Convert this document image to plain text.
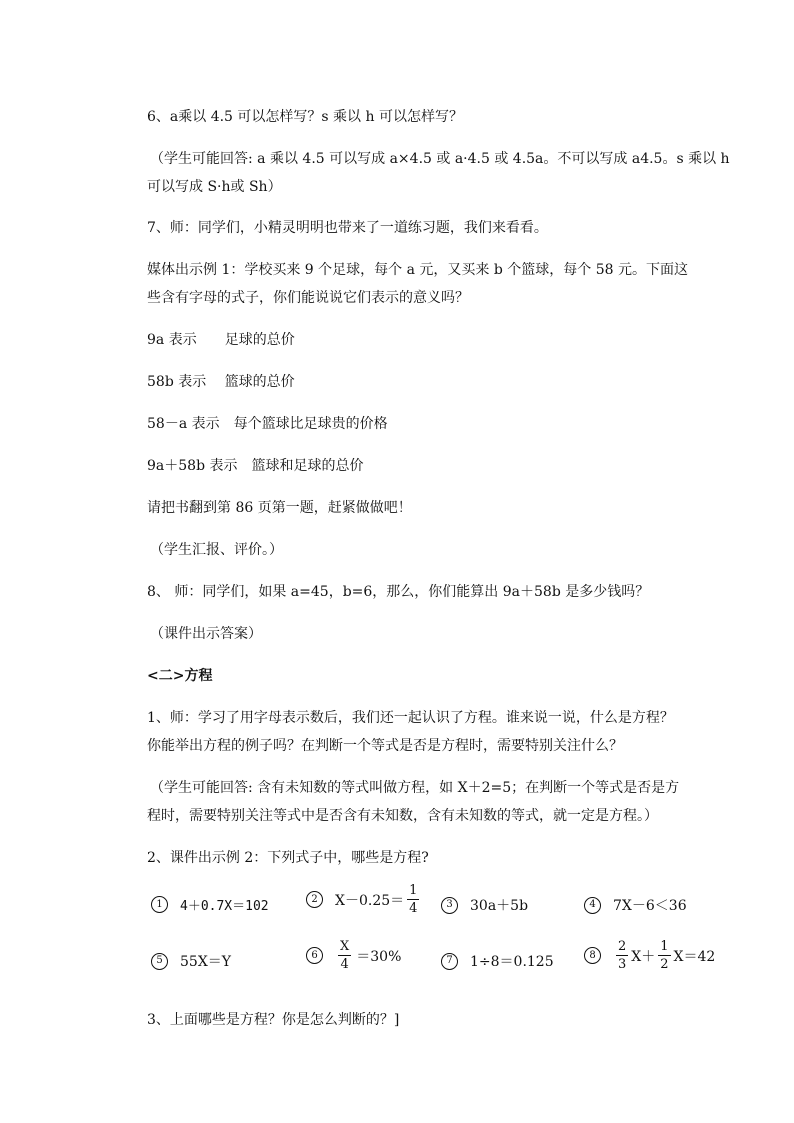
6、a乘以 4.5 可以怎样写？s 乘以 h 可以怎样写？

（学生可能回答: a 乘以 4.5 可以写成 a×4.5 或 a·4.5 或 4.5a。不可以写成 a4.5。s 乘以 h

可以写成 S·h或 Sh）

7、师：同学们，小精灵明明也带来了一道练习题，我们来看看。

媒体出示例 1：学校买来 9 个足球，每个 a 元，又买来 b 个篮球，每个 58 元。下面这

些含有字母的式子，你们能说说它们表示的意义吗？

9a 表示　　足球的总价

58b 表示　 篮球的总价

58－a 表示　每个篮球比足球贵的价格

9a＋58b 表示　篮球和足球的总价

请把书翻到第 86 页第一题，赶紧做做吧！

（学生汇报、评价。）

8、 师：同学们，如果 a=45，b=6，那么，你们能算出 9a＋58b 是多少钱吗？

（课件出示答案）

<二>方程

1、师：学习了用字母表示数后，我们还一起认识了方程。谁来说一说，什么是方程？

你能举出方程的例子吗？在判断一个等式是否是方程时，需要特别关注什么？

（学生可能回答: 含有未知数的等式叫做方程，如 X＋2=5；在判断一个等式是否是方

程时，需要特别关注等式中是否含有未知数，含有未知数的等式，就一定是方程。）

2、课件出示例 2：下列式子中，哪些是方程?

1	4＋0.7X＝102	2	$X-0.25= \frac{1}{4}$	3	30a＋5b	4	7X－6＜36
5	55X＝Y	6	$\frac{X}{4} =30\%$	7	1÷8＝0.125	8	$\frac{2}{3} X+ \frac{1}{2} X=42$

3、上面哪些是方程？你是怎么判断的？]
